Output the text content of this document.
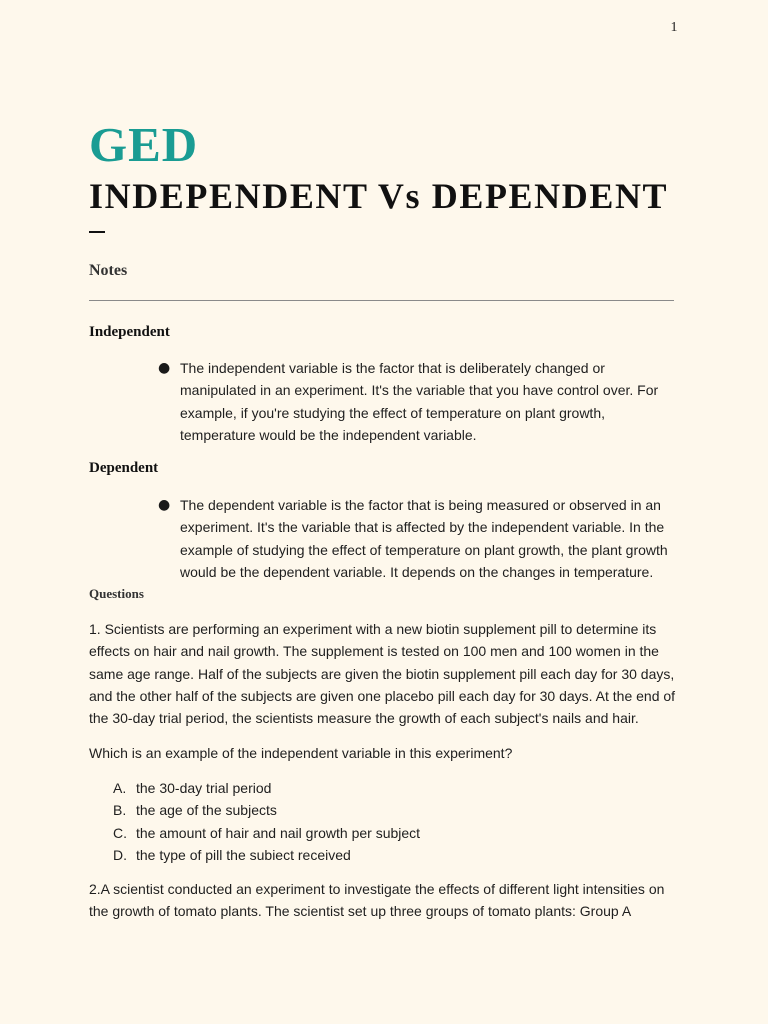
1
GED
INDEPENDENT Vs DEPENDENT
Notes
Independent
● The independent variable is the factor that is deliberately changed or manipulated in an experiment. It's the variable that you have control over. For example, if you're studying the effect of temperature on plant growth, temperature would be the independent variable.
Dependent
● The dependent variable is the factor that is being measured or observed in an experiment. It's the variable that is affected by the independent variable. In the example of studying the effect of temperature on plant growth, the plant growth would be the dependent variable. It depends on the changes in temperature.
Questions
1. Scientists are performing an experiment with a new biotin supplement pill to determine its effects on hair and nail growth. The supplement is tested on 100 men and 100 women in the same age range. Half of the subjects are given the biotin supplement pill each day for 30 days, and the other half of the subjects are given one placebo pill each day for 30 days. At the end of the 30-day trial period, the scientists measure the growth of each subject's nails and hair.
Which is an example of the independent variable in this experiment?
A. the 30-day trial period
B. the age of the subjects
C. the amount of hair and nail growth per subject
D. the type of pill the subiect received
2.A scientist conducted an experiment to investigate the effects of different light intensities on the growth of tomato plants. The scientist set up three groups of tomato plants: Group A
